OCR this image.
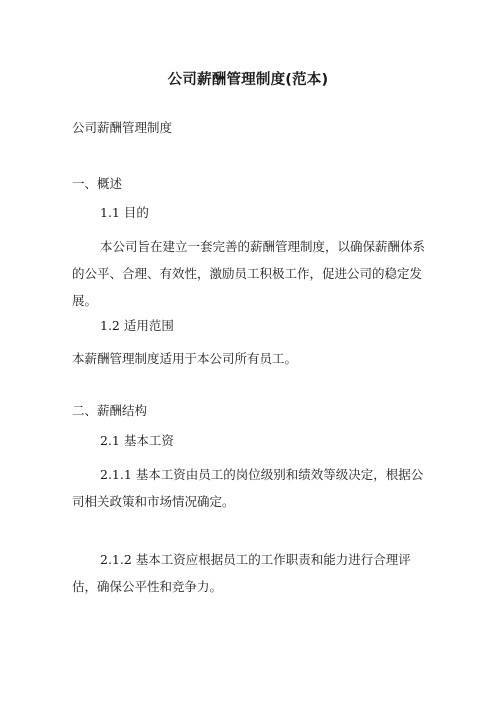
公司薪酬管理制度(范本)
公司薪酬管理制度
一、概述
1.1 目的
本公司旨在建立一套完善的薪酬管理制度，以确保薪酬体系的公平、合理、有效性，激励员工积极工作，促进公司的稳定发展。
1.2 适用范围
本薪酬管理制度适用于本公司所有员工。
二、薪酬结构
2.1 基本工资
2.1.1 基本工资由员工的岗位级别和绩效等级决定，根据公司相关政策和市场情况确定。
2.1.2 基本工资应根据员工的工作职责和能力进行合理评估，确保公平性和竞争力。
